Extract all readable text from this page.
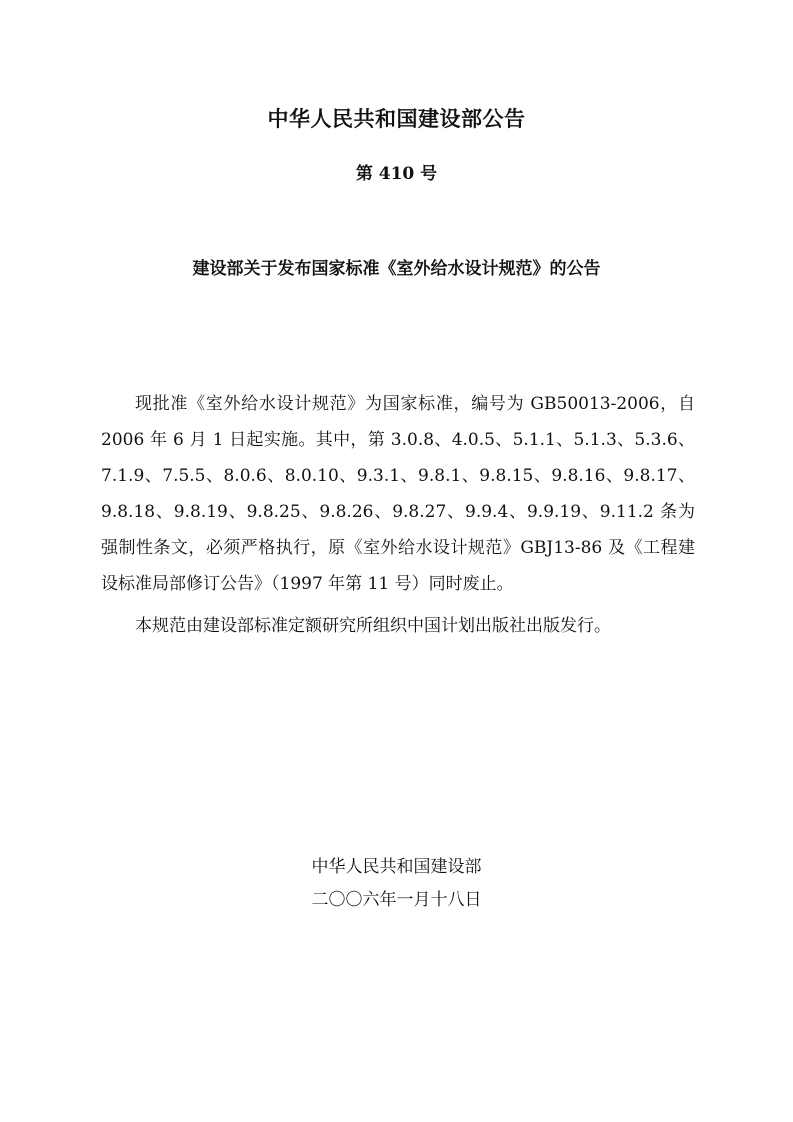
中华人民共和国建设部公告
第 410 号
建设部关于发布国家标准《室外给水设计规范》的公告
现批准《室外给水设计规范》为国家标准，编号为 GB50013-2006，自 2006 年 6 月 1 日起实施。其中，第 3.0.8、4.0.5、5.1.1、5.1.3、5.3.6、7.1.9、7.5.5、8.0.6、8.0.10、9.3.1、9.8.1、9.8.15、9.8.16、9.8.17、9.8.18、9.8.19、9.8.25、9.8.26、9.8.27、9.9.4、9.9.19、9.11.2 条为强制性条文，必须严格执行，原《室外给水设计规范》GBJ13-86 及《工程建设标准局部修订公告》（1997 年第 11 号）同时废止。
本规范由建设部标准定额研究所组织中国计划出版社出版发行。
中华人民共和国建设部
二〇〇六年一月十八日
